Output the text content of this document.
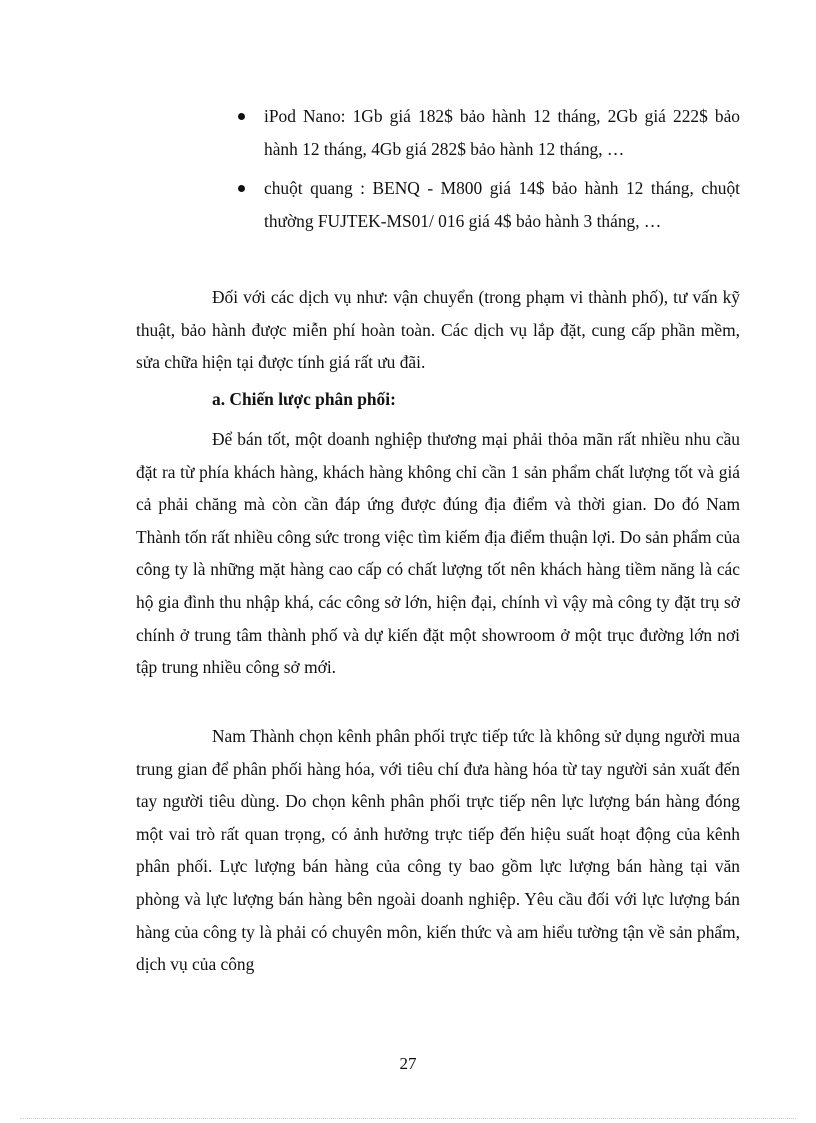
iPod Nano: 1Gb giá 182$ bảo hành 12 tháng, 2Gb giá 222$ bảo hành 12 tháng, 4Gb giá 282$ bảo hành 12 tháng, …
chuột quang : BENQ - M800 giá 14$ bảo hành 12 tháng, chuột thường FUJTEK-MS01/ 016 giá 4$ bảo hành 3 tháng, …

Đối với các dịch vụ như: vận chuyển (trong phạm vi thành phố), tư vấn kỹ thuật, bảo hành được miễn phí hoàn toàn. Các dịch vụ lắp đặt, cung cấp phần mềm, sửa chữa hiện tại được tính giá rất ưu đãi.

a. Chiến lược phân phối:

Để bán tốt, một doanh nghiệp thương mại phải thỏa mãn rất nhiều nhu cầu đặt ra từ phía khách hàng, khách hàng không chỉ cần 1 sản phẩm chất lượng tốt và giá cả phải chăng mà còn cần đáp ứng được đúng địa điểm và thời gian. Do đó Nam Thành tốn rất nhiều công sức trong việc tìm kiếm địa điểm thuận lợi. Do sản phẩm của công ty là những mặt hàng cao cấp có chất lượng tốt nên khách hàng tiềm năng là các hộ gia đình thu nhập khá, các công sở lớn, hiện đại, chính vì vậy mà công ty đặt trụ sở chính ở trung tâm thành phố và dự kiến đặt một showroom ở một trục đường lớn nơi tập trung nhiều công sở mới.

Nam Thành chọn kênh phân phối trực tiếp tức là không sử dụng người mua trung gian để phân phối hàng hóa, với tiêu chí đưa hàng hóa từ tay người sản xuất đến tay người tiêu dùng. Do chọn kênh phân phối trực tiếp nên lực lượng bán hàng đóng một vai trò rất quan trọng, có ảnh hưởng trực tiếp đến hiệu suất hoạt động của kênh phân phối. Lực lượng bán hàng của công ty bao gồm lực lượng bán hàng tại văn phòng và lực lượng bán hàng bên ngoài doanh nghiệp. Yêu cầu đối với lực lượng bán hàng của công ty là phải có chuyên môn, kiến thức và am hiểu tường tận về sản phẩm, dịch vụ của công

27
